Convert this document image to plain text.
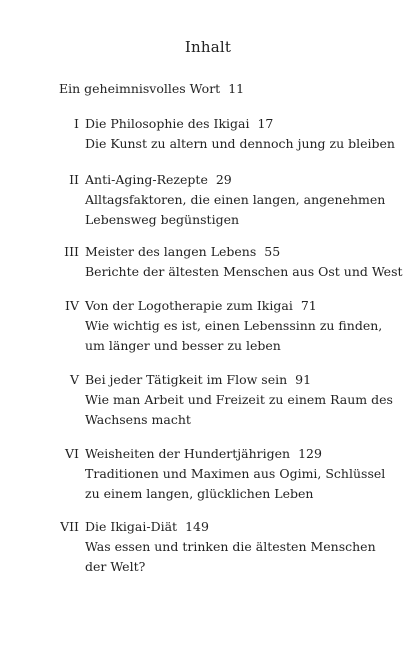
Inhalt
Ein geheimnisvolles Wort 11
I Die Philosophie des Ikigai 17
Die Kunst zu altern und dennoch jung zu bleiben
II Anti-Aging-Rezepte 29
Alltagsfaktoren, die einen langen, angenehmen
Lebensweg begünstigen
III Meister des langen Lebens 55
Berichte der ältesten Menschen aus Ost und West
IV Von der Logotherapie zum Ikigai 71
Wie wichtig es ist, einen Lebenssinn zu finden,
um länger und besser zu leben
V Bei jeder Tätigkeit im Flow sein 91
Wie man Arbeit und Freizeit zu einem Raum des
Wachsens macht
VI Weisheiten der Hundertjährigen 129
Traditionen und Maximen aus Ogimi, Schlüssel
zu einem langen, glücklichen Leben
VII Die Ikigai-Diät 149
Was essen und trinken die ältesten Menschen
der Welt?
